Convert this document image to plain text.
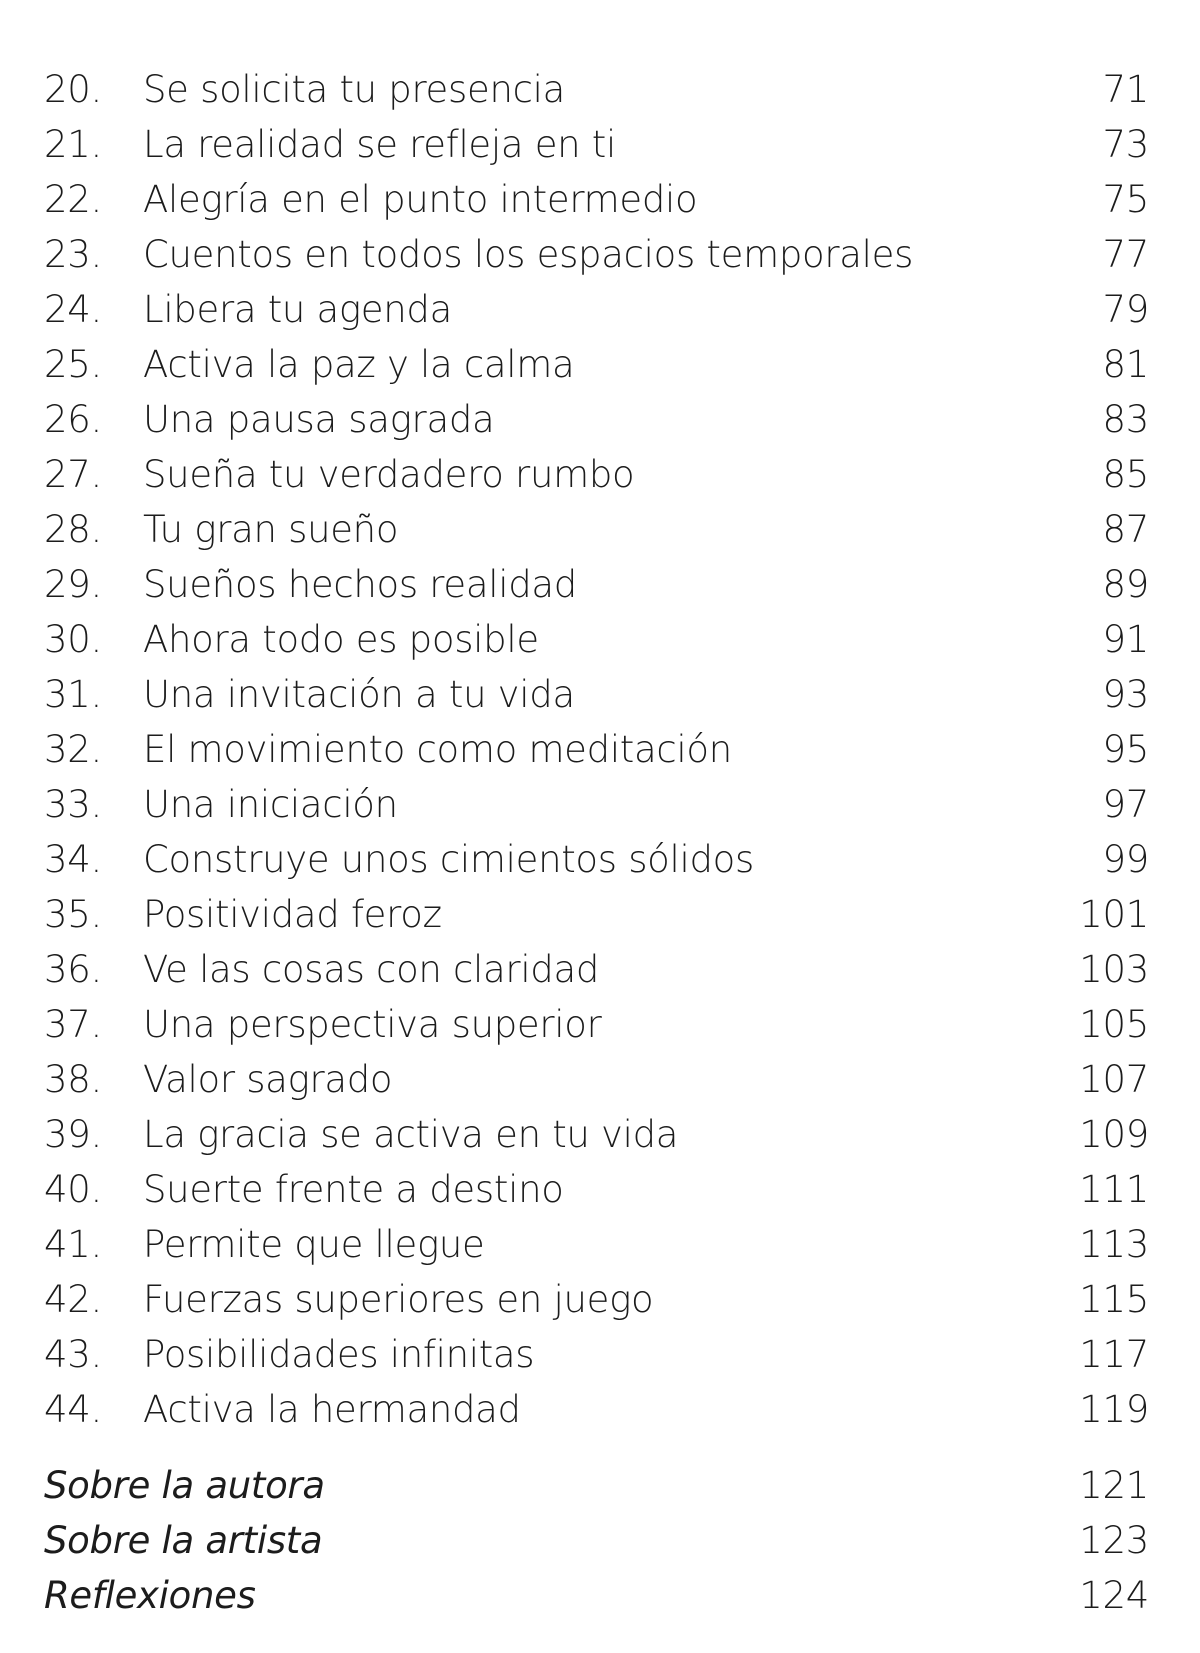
20.	Se solicita tu presencia	71
21.	La realidad se refleja en ti	73
22.	Alegría en el punto intermedio	75
23.	Cuentos en todos los espacios temporales	77
24.	Libera tu agenda	79
25.	Activa la paz y la calma	81
26.	Una pausa sagrada	83
27.	Sueña tu verdadero rumbo	85
28.	Tu gran sueño	87
29.	Sueños hechos realidad	89
30.	Ahora todo es posible	91
31.	Una invitación a tu vida	93
32.	El movimiento como meditación	95
33.	Una iniciación	97
34.	Construye unos cimientos sólidos	99
35.	Positividad feroz	101
36.	Ve las cosas con claridad	103
37.	Una perspectiva superior	105
38.	Valor sagrado	107
39.	La gracia se activa en tu vida	109
40.	Suerte frente a destino	111
41.	Permite que llegue	113
42.	Fuerzas superiores en juego	115
43.	Posibilidades infinitas	117
44.	Activa la hermandad	119
Sobre la autora	121
Sobre la artista	123
Reflexiones	124
